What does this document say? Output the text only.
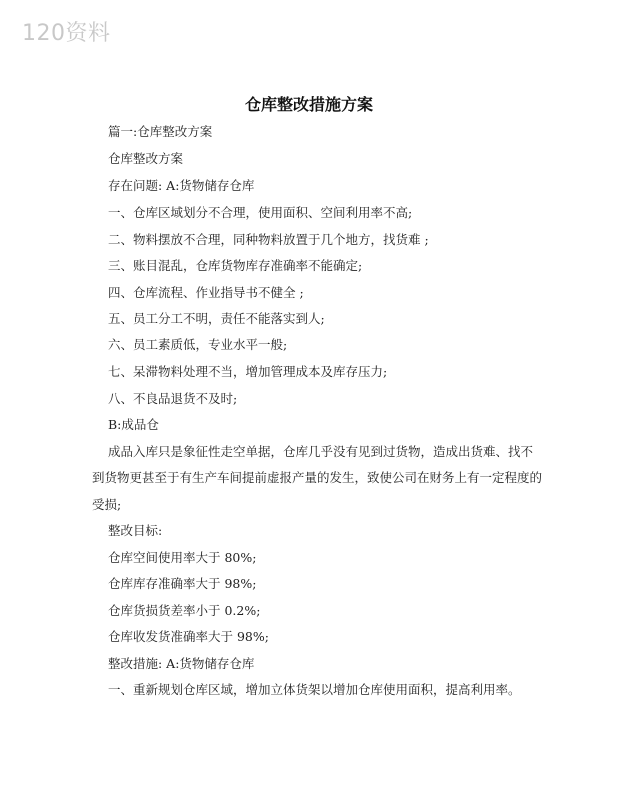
120资料
仓库整改措施方案
篇一:仓库整改方案
仓库整改方案
存在问题: A:货物储存仓库
一、仓库区域划分不合理，使用面积、空间利用率不高;
二、物料摆放不合理，同种物料放置于几个地方，找货难 ;
三、账目混乱，仓库货物库存准确率不能确定;
四、仓库流程、作业指导书不健全 ;
五、员工分工不明，责任不能落实到人;
六、员工素质低，专业水平一般;
七、呆滞物料处理不当，增加管理成本及库存压力;
八、不良品退货不及时;
B:成品仓
成品入库只是象征性走空单据，仓库几乎没有见到过货物，造成出货难、找不
到货物更甚至于有生产车间提前虚报产量的发生，致使公司在财务上有一定程度的
受损;
整改目标:
仓库空间使用率大于 80%;
仓库库存准确率大于 98%;
仓库货损货差率小于 0.2%;
仓库收发货准确率大于 98%;
整改措施: A:货物储存仓库
一、重新规划仓库区域，增加立体货架以增加仓库使用面积，提高利用率。
